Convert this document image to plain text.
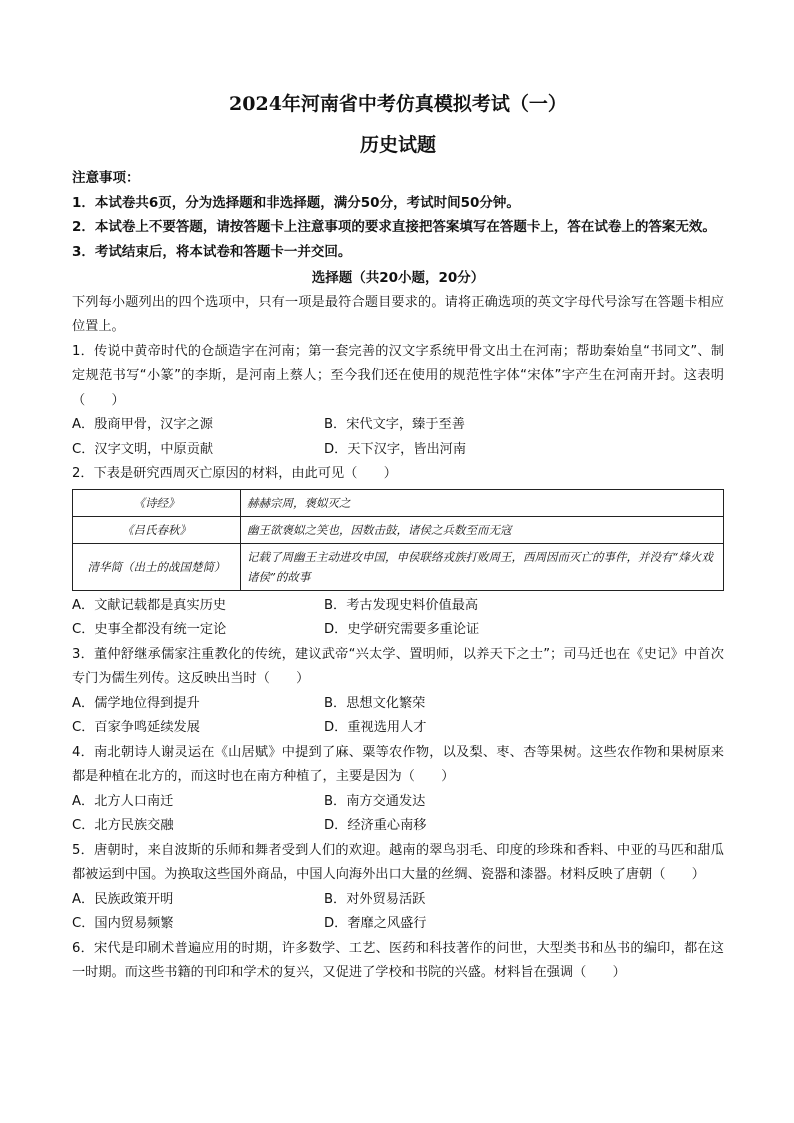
2024年河南省中考仿真模拟考试（一）
历史试题

注意事项：

1．本试卷共6页，分为选择题和非选择题，满分50分，考试时间50分钟。

2．本试卷上不要答题，请按答题卡上注意事项的要求直接把答案填写在答题卡上，答在试卷上的答案无效。

3．考试结束后，将本试卷和答题卡一并交回。

选择题（共20小题，20分）

下列每小题列出的四个选项中，只有一项是最符合题目要求的。请将正确选项的英文字母代号涂写在答题卡相应位置上。

1．传说中黄帝时代的仓颉造字在河南；第一套完善的汉文字系统甲骨文出土在河南；帮助秦始皇“书同文”、制定规范书写“小篆”的李斯，是河南上蔡人；至今我们还在使用的规范性字体“宋体”字产生在河南开封。这表明（　　）

A．殷商甲骨，汉字之源	B．宋代文字，臻于至善
C．汉字文明，中原贡献	D．天下汉字，皆出河南

2．下表是研究西周灭亡原因的材料，由此可见（　　）

《诗经》	赫赫宗周，褒姒灭之
《吕氏春秋》	幽王欲褒姒之笑也，因数击鼓，诸侯之兵数至而无寇
清华简（出土的战国楚简）	记载了周幽王主动进攻申国，申侯联络戎族打败周王，西周因而灭亡的事件，并没有“烽火戏诸侯”的故事
A．文献记载都是真实历史	B．考古发现史料价值最高
C．史事全都没有统一定论	D．史学研究需要多重论证

3．董仲舒继承儒家注重教化的传统，建议武帝“兴太学、置明师，以养天下之士”；司马迁也在《史记》中首次专门为儒生列传。这反映出当时（　　）

A．儒学地位得到提升	B．思想文化繁荣
C．百家争鸣延续发展	D．重视选用人才

4．南北朝诗人谢灵运在《山居赋》中提到了麻、粟等农作物，以及梨、枣、杏等果树。这些农作物和果树原来都是种植在北方的，而这时也在南方种植了，主要是因为（　　）

A．北方人口南迁	B．南方交通发达
C．北方民族交融	D．经济重心南移

5．唐朝时，来自波斯的乐师和舞者受到人们的欢迎。越南的翠鸟羽毛、印度的珍珠和香料、中亚的马匹和甜瓜都被运到中国。为换取这些国外商品，中国人向海外出口大量的丝绸、瓷器和漆器。材料反映了唐朝（　　）

A．民族政策开明	B．对外贸易活跃
C．国内贸易频繁	D．奢靡之风盛行

6．宋代是印刷术普遍应用的时期，许多数学、工艺、医药和科技著作的问世，大型类书和丛书的编印，都在这一时期。而这些书籍的刊印和学术的复兴，又促进了学校和书院的兴盛。材料旨在强调（　　）
